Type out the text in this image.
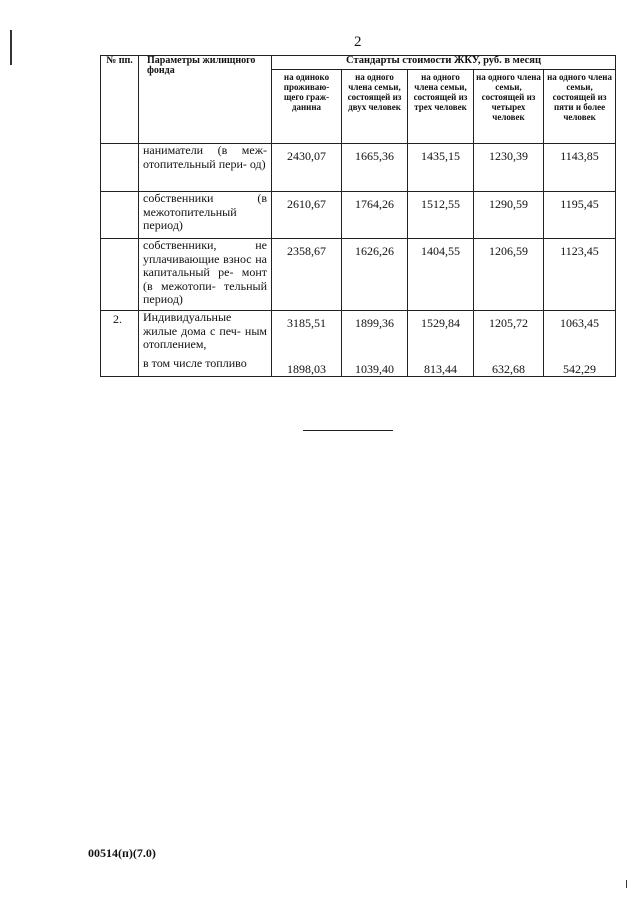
2
№ пп.	Параметры жилищного фонда	Стандарты стоимости ЖКУ, руб. в месяц				
		на одиноко проживаю- щего граж- данина	на одного члена семьи, состоящей из двух человек	на одного члена семьи, состоящей из трех человек	на одного члена семьи, состоящей из четырех человек	на одного члена семьи, состоящей из пяти и более человек
	наниматели (в меж- отопительный пери- од)	2430,07	1665,36	1435,15	1230,39	1143,85
	собственники (в межотопительный период)	2610,67	1764,26	1512,55	1290,59	1195,45
	собственники, не уплачивающие взнос на капитальный ре- монт (в межотопи- тельный период)	2358,67	1626,26	1404,55	1206,59	1123,45
2.	Индивидуальные жилые дома с печ- ным отоплением,	3185,51	1899,36	1529,84	1205,72	1063,45
	в том числе топливо	1898,03	1039,40	813,44	632,68	542,29
00514(п)(7.0)
